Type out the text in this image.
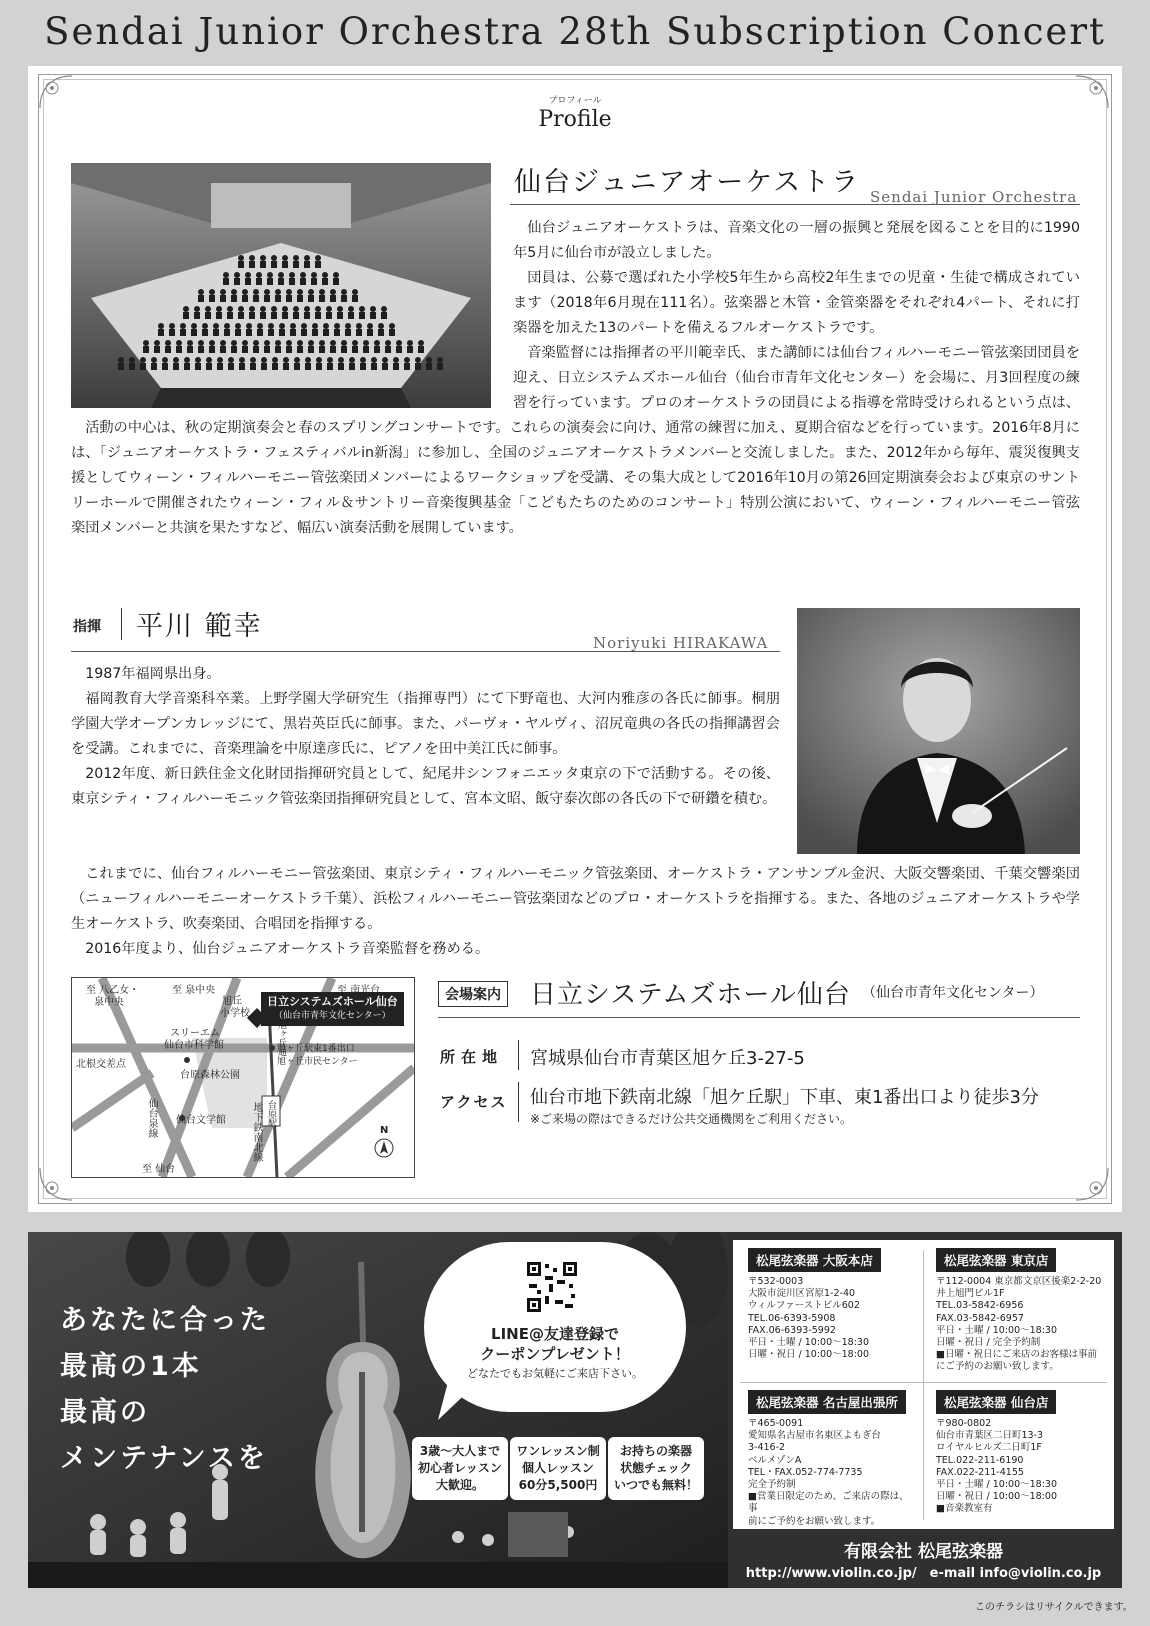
Sendai Junior Orchestra 28th Subscription Concert
プロフィール
Profile
仙台ジュニアオーケストラ Sendai Junior Orchestra

仙台ジュニアオーケストラは、音楽文化の一層の振興と発展を図ることを目的に1990年5月に仙台市が設立しました。

団員は、公募で選ばれた小学校5年生から高校2年生までの児童・生徒で構成されています（2018年6月現在111名）。弦楽器と木管・金管楽器をそれぞれ4パート、それに打楽器を加えた13のパートを備えるフルオーケストラです。

音楽監督には指揮者の平川範幸氏、また講師には仙台フィルハーモニー管弦楽団団員を迎え、日立システムズホール仙台（仙台市青年文化センター）を会場に、月3回程度の練習を行っています。プロのオーケストラの団員による指導を常時受けられるという点は、

活動の中心は、秋の定期演奏会と春のスプリングコンサートです。これらの演奏会に向け、通常の練習に加え、夏期合宿などを行っています。2016年8月には、「ジュニアオーケストラ・フェスティバルin新潟」に参加し、全国のジュニアオーケストラメンバーと交流しました。また、2012年から毎年、震災復興支援としてウィーン・フィルハーモニー管弦楽団メンバーによるワークショップを受講、その集大成として2016年10月の第26回定期演奏会および東京のサントリーホールで開催されたウィーン・フィル＆サントリー音楽復興基金「こどもたちのためのコンサート」特別公演において、ウィーン・フィルハーモニー管弦楽団メンバーと共演を果たすなど、幅広い演奏活動を展開しています。

指揮 平川 範幸
Noriyuki HIRAKAWA

1987年福岡県出身。

福岡教育大学音楽科卒業。上野学園大学研究生（指揮専門）にて下野竜也、大河内雅彦の各氏に師事。桐朋学園大学オープンカレッジにて、黒岩英臣氏に師事。また、パーヴォ・ヤルヴィ、沼尻竜典の各氏の指揮講習会を受講。これまでに、音楽理論を中原達彦氏に、ピアノを田中美江氏に師事。

2012年度、新日鉄住金文化財団指揮研究員として、紀尾井シンフォニエッタ東京の下で活動する。その後、東京シティ・フィルハーモニック管弦楽団指揮研究員として、宮本文昭、飯守泰次郎の各氏の下で研鑽を積む。

これまでに、仙台フィルハーモニー管弦楽団、東京シティ・フィルハーモニック管弦楽団、オーケストラ・アンサンブル金沢、大阪交響楽団、千葉交響楽団（ニューフィルハーモニーオーケストラ千葉）、浜松フィルハーモニー管弦楽団などのプロ・オーケストラを指揮する。また、各地のジュニアオーケストラや学生オーケストラ、吹奏楽団、合唱団を指揮する。

2016年度より、仙台ジュニアオーケストラ音楽監督を務める。

日立システムズホール仙台
（仙台市青年文化センター）
至 八乙女・
泉中央
至 泉中央	至 南光台
旭丘
小学校
スリーエム
仙台市科学館
北根交差点
台原森林公園
仙台文学館
旭ヶ丘駅東1番出口
旭ヶ丘市民センター
仙台泉線	地下鉄南北線 台原駅
旭ヶ丘通
至 仙台
N
会場案内 日立システムズホール仙台 （仙台市青年文化センター）
所在地 宮城県仙台市青葉区旭ケ丘3-27-5
アクセス 仙台市地下鉄南北線「旭ケ丘駅」下車、東1番出口より徒歩3分
※ご来場の際はできるだけ公共交通機関をご利用ください。
あなたに合った
最高の1本
最高の
メンテナンスを
LINE@友達登録で
クーポンプレゼント！
どなたでもお気軽にご来店下さい。
3歳〜大人まで
初心者レッスン
大歓迎。
ワンレッスン制
個人レッスン
60分5,500円
お持ちの楽器
状態チェック
いつでも無料！
松尾弦楽器 大阪本店
〒532-0003
大阪市淀川区宮原1-2-40
ウィルファーストビル602
TEL.06-6393-5908
FAX.06-6393-5992
平日・土曜 / 10:00〜18:30
日曜・祝日 / 10:00〜18:00
松尾弦楽器 東京店
〒112-0004 東京都文京区後楽2-2-20
井上旭門ビル1F
TEL.03-5842-6956
FAX.03-5842-6957
平日・土曜 / 10:00〜18:30
日曜・祝日 / 完全予約制
■日曜・祝日にご来店のお客様は事前
にご予約のお願い致します。
松尾弦楽器 名古屋出張所
〒465-0091
愛知県名古屋市名東区よもぎ台
3-416-2
ベルメゾンA
TEL・FAX.052-774-7735
完全予約制
■営業日限定のため、ご来店の際は、事
前にご予約をお願い致します。
松尾弦楽器 仙台店
〒980-0802
仙台市青葉区二日町13-3
ロイヤルヒルズ二日町1F
TEL.022-211-6190
FAX.022-211-4155
平日・土曜 / 10:00〜18:30
日曜・祝日 / 10:00〜18:00
■音楽教室有
有限会社 松尾弦楽器
http://www.violin.co.jp/　e-mail info@violin.co.jp
このチラシはリサイクルできます。
